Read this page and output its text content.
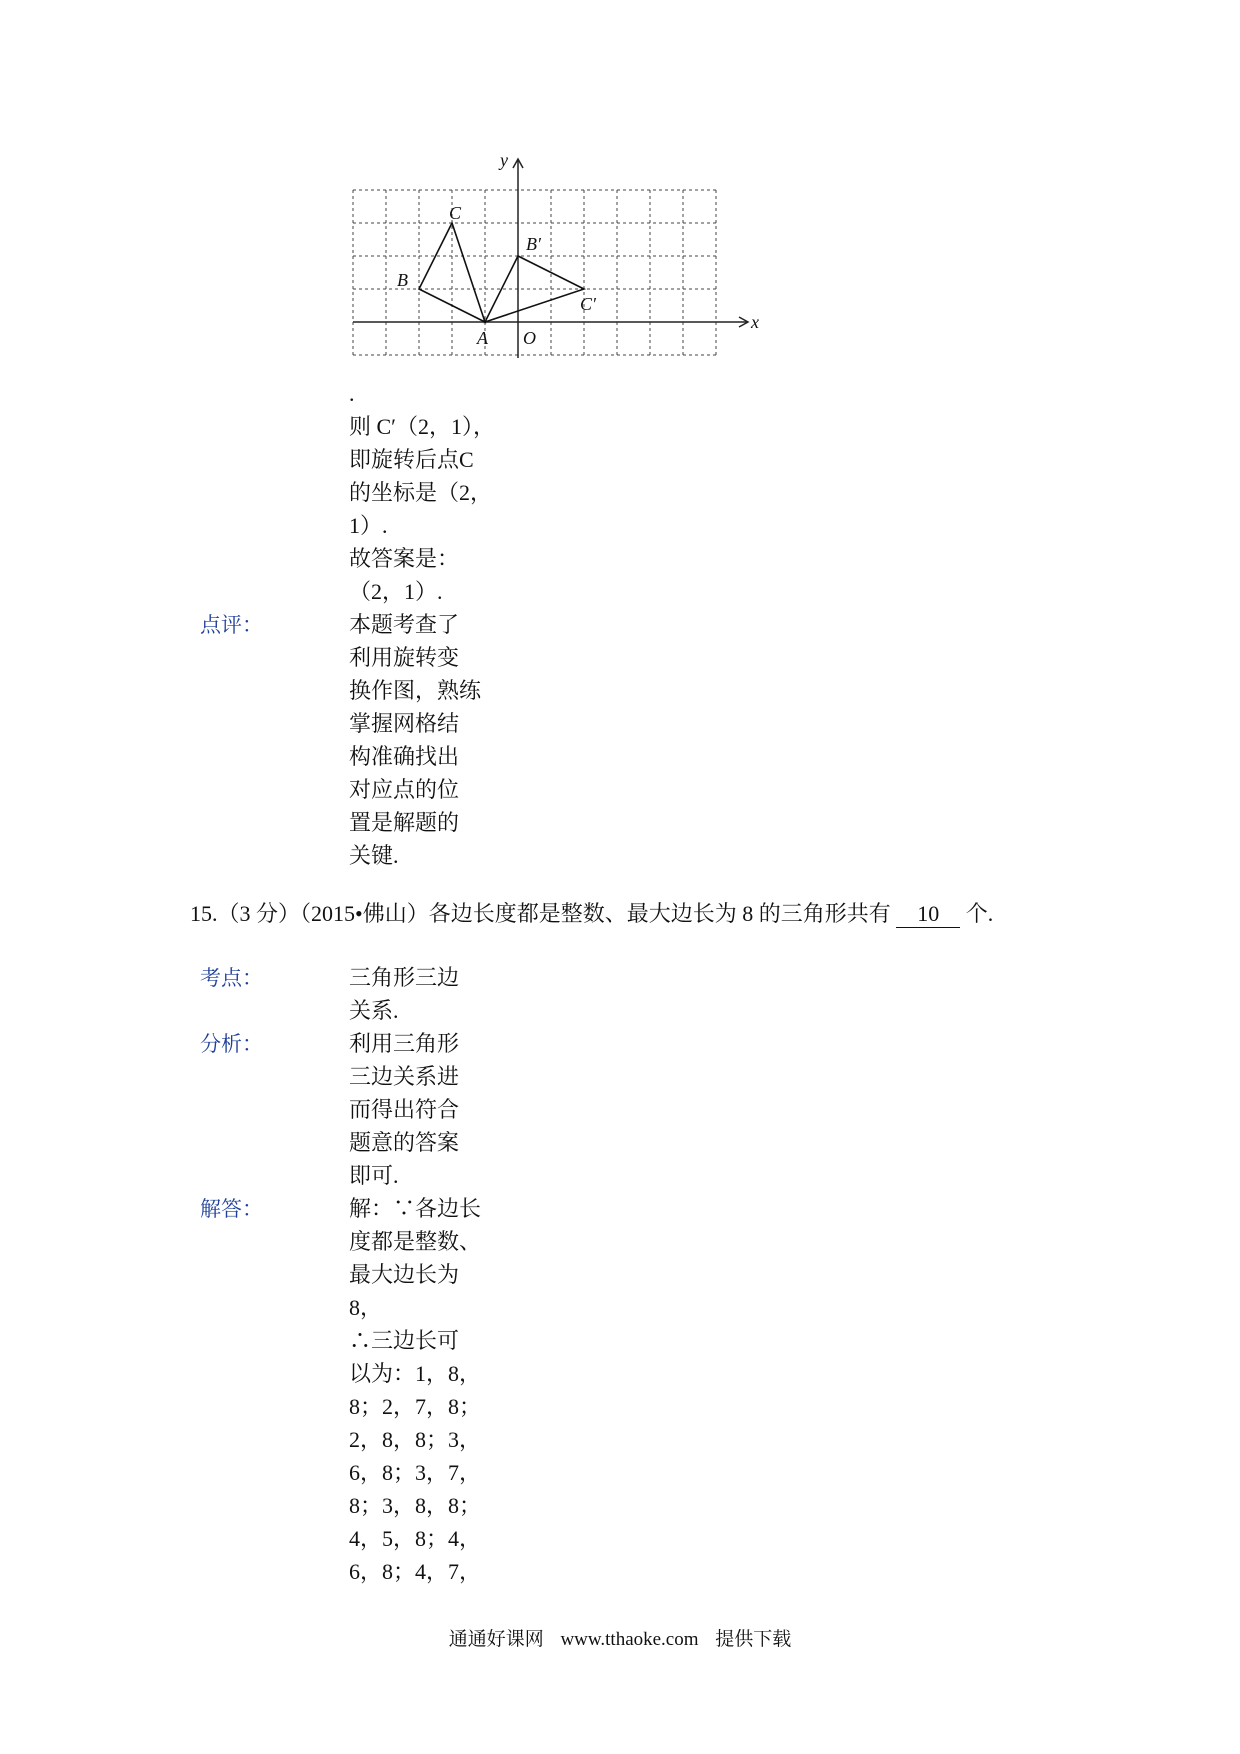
C
B
A
B′
C′
O
x
y
.
则 C′（2，1），
即旋转后点C
的坐标是（2，
1）.
故答案是：
（2，1）.
点评：	本题考查了
利用旋转变
换作图，熟练
掌握网格结
构准确找出
对应点的位
置是解题的
关键.
15.（3 分）（2015•佛山）各边长度都是整数、最大边长为 8 的三角形共有 10 个.
考点：	三角形三边
关系.
分析：	利用三角形
三边关系进
而得出符合
题意的答案
即可.
解答：	解：∵各边长
度都是整数、
最大边长为
8，
∴三边长可
以为：1，8，
8；2，7，8；
2，8，8；3，
6，8；3，7，
8；3，8，8；
4，5，8；4，
6，8；4，7，
通通好课网 www.tthaoke.com 提供下载
